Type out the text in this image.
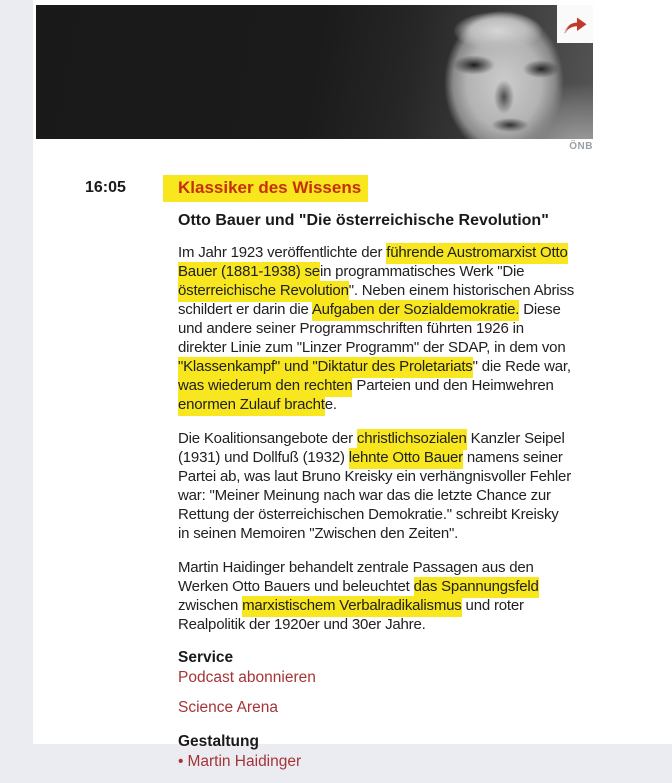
ÖNB
16:05	Klassiker des Wissens

Otto Bauer und "Die österreichische Revolution"

Im Jahr 1923 veröffentlichte der führende Austromarxist Otto
Bauer (1881-1938) sein programmatisches Werk "Die
österreichische Revolution". Neben einem historischen Abriss
schildert er darin die Aufgaben der Sozialdemokratie. Diese
und andere seiner Programmschriften führten 1926 in
direkter Linie zum "Linzer Programm" der SDAP, in dem von
"Klassenkampf" und "Diktatur des Proletariats" die Rede war,
was wiederum den rechten Parteien und den Heimwehren
enormen Zulauf brachte.

Die Koalitionsangebote der christlichsozialen Kanzler Seipel
(1931) und Dollfuß (1932) lehnte Otto Bauer namens seiner
Partei ab, was laut Bruno Kreisky ein verhängnisvoller Fehler
war: "Meiner Meinung nach war das die letzte Chance zur
Rettung der österreichischen Demokratie." schreibt Kreisky
in seinen Memoiren "Zwischen den Zeiten".

Martin Haidinger behandelt zentrale Passagen aus den
Werken Otto Bauers und beleuchtet das Spannungsfeld
zwischen marxistischem Verbalradikalismus und roter
Realpolitik der 1920er und 30er Jahre.

Service

Podcast abonnieren

Science Arena

Gestaltung

• Martin Haidinger
